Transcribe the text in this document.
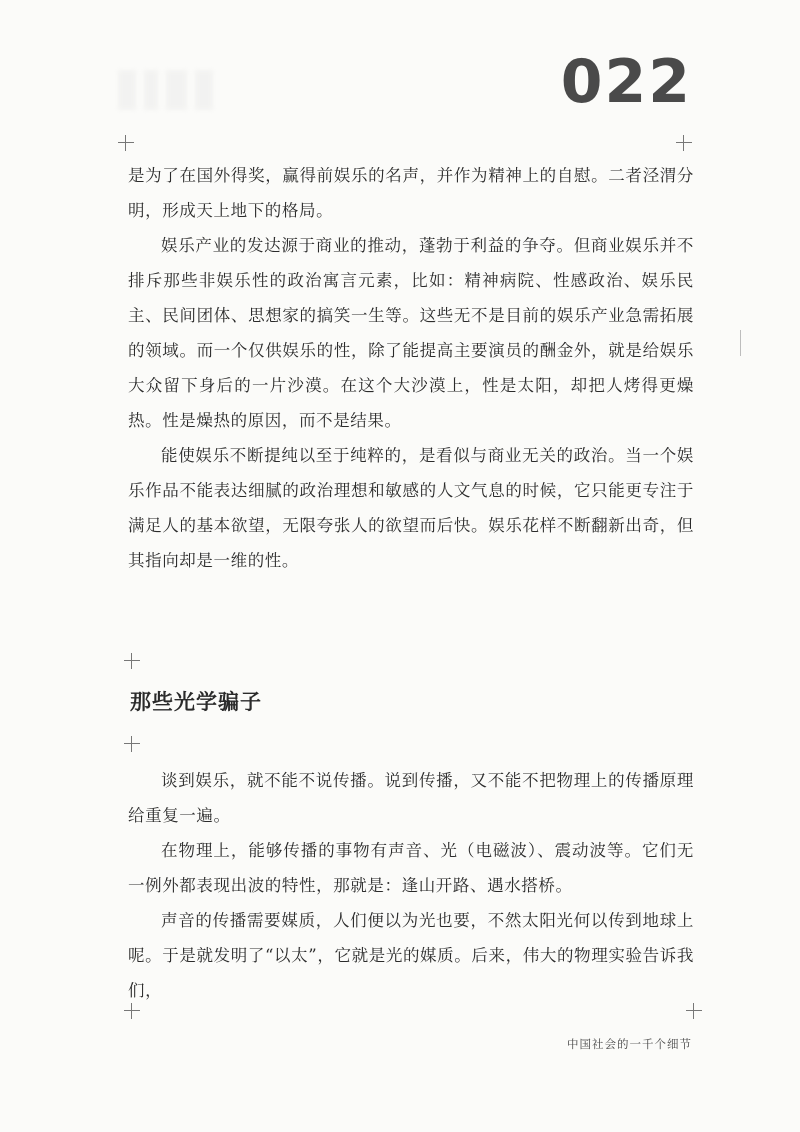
022

是为了在国外得奖，赢得前娱乐的名声，并作为精神上的自慰。二者泾渭分明，形成天上地下的格局。

娱乐产业的发达源于商业的推动，蓬勃于利益的争夺。但商业娱乐并不排斥那些非娱乐性的政治寓言元素，比如：精神病院、性感政治、娱乐民主、民间团体、思想家的搞笑一生等。这些无不是目前的娱乐产业急需拓展的领域。而一个仅供娱乐的性，除了能提高主要演员的酬金外，就是给娱乐大众留下身后的一片沙漠。在这个大沙漠上，性是太阳，却把人烤得更燥热。性是燥热的原因，而不是结果。

能使娱乐不断提纯以至于纯粹的，是看似与商业无关的政治。当一个娱乐作品不能表达细腻的政治理想和敏感的人文气息的时候，它只能更专注于满足人的基本欲望，无限夸张人的欲望而后快。娱乐花样不断翻新出奇，但其指向却是一维的性。

那些光学骗子

谈到娱乐，就不能不说传播。说到传播，又不能不把物理上的传播原理给重复一遍。

在物理上，能够传播的事物有声音、光（电磁波）、震动波等。它们无一例外都表现出波的特性，那就是：逢山开路、遇水搭桥。

声音的传播需要媒质，人们便以为光也要，不然太阳光何以传到地球上呢。于是就发明了“以太”，它就是光的媒质。后来，伟大的物理实验告诉我们，

中国社会的一千个细节
